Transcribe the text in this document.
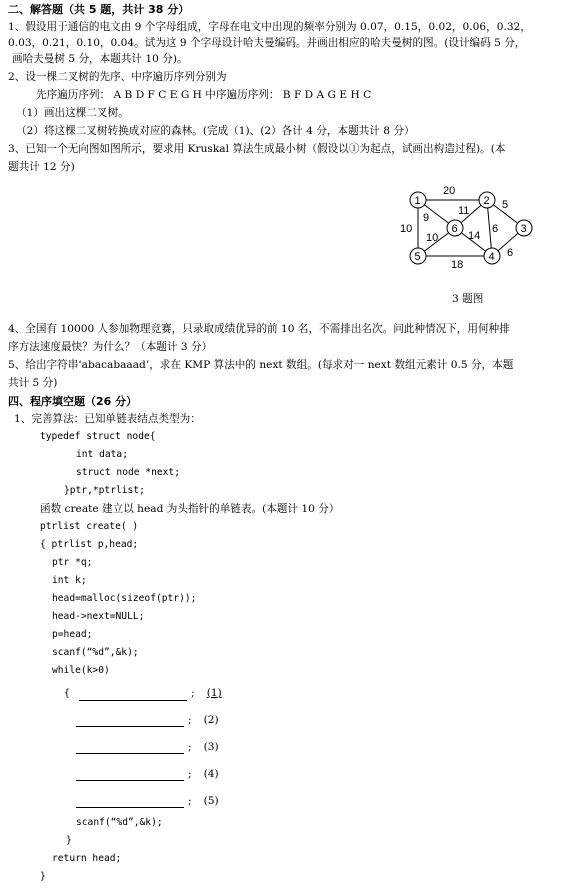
二、解答题（共 5 题，共计 38 分）
1、假设用于通信的电文由 9 个字母组成，字母在电文中出现的频率分别为 0.07，0.15，0.02，0.06，0.32，
0.03，0.21，0.10，0.04。试为这 9 个字母设计哈夫曼编码。并画出相应的哈夫曼树的图。(设计编码 5 分，
画哈夫曼树 5 分，本题共计 10 分)。
2、设一棵二叉树的先序、中序遍历序列分别为
先序遍历序列： A B D F C E G H 中序遍历序列： B F D A G E H C
（1）画出这棵二叉树。
（2）将这棵二叉树转换成对应的森林。(完成（1)、(2）各计 4 分，本题共计 8 分）
3、已知一个无向图如图所示，要求用 Kruskal 算法生成最小树（假设以①为起点，试画出构造过程)。(本
题共计 12 分)
20
5
11
9
10
10	14
6
6
18
1	2
3
4
5
6
3 题图
4、全国有 10000 人参加物理竞赛，只录取成绩优异的前 10 名，不需排出名次。问此种情况下，用何种排
序方法速度最快？为什么？（本题计 3 分）
5、给出字符串‘abacabaaad’，求在 KMP 算法中的 next 数组。(每求对一 next 数组元素计 0.5 分，本题
共计 5 分)
四、程序填空题（26 分）
1、完善算法：已知单链表结点类型为：
typedef struct node{
int data;
struct node *next;
}ptr,*ptrlist;
函数 create 建立以 head 为头指针的单链表。(本题计 10 分）
ptrlist create( )
{ ptrlist p,head;
ptr *q;
int k;
head=malloc(sizeof(ptr));
head->next=NULL;
p=head;
scanf(“%d”,&k);
while(k>0)
{	; (1)
; (2)
; (3)
; (4)
; (5)
scanf(“%d”,&k);
}
return head;
}
